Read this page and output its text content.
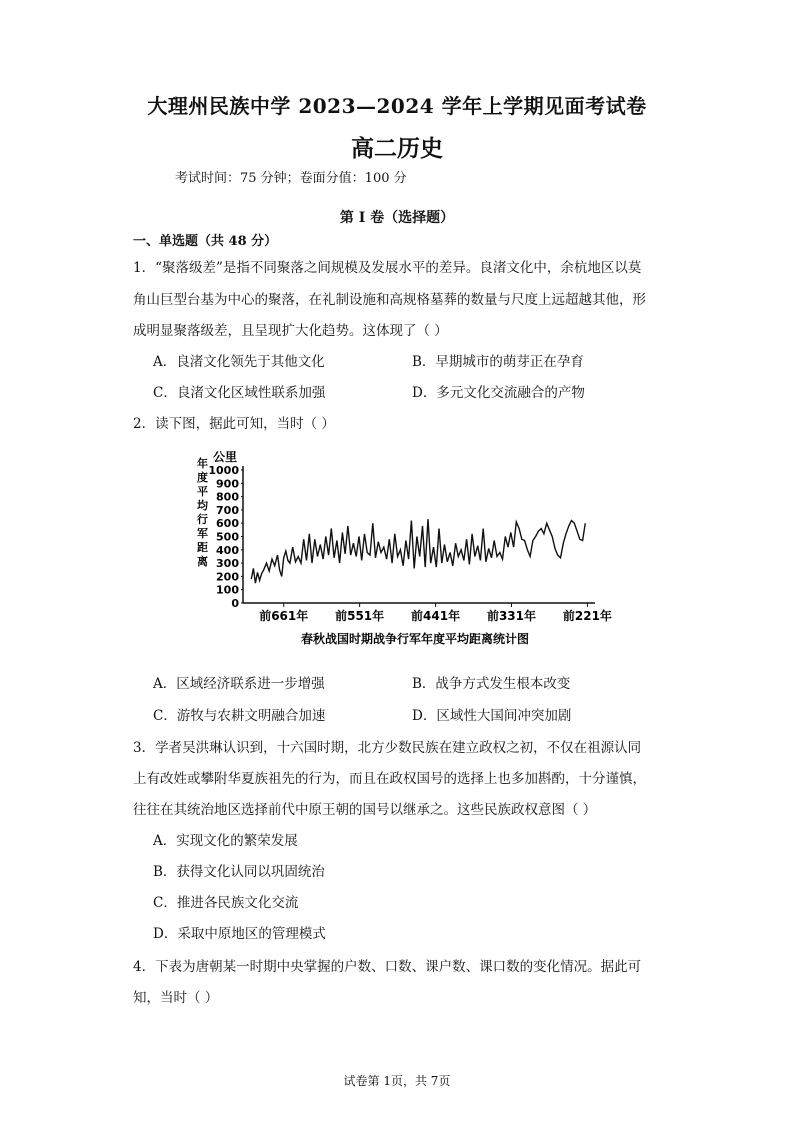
大理州民族中学 2023—2024 学年上学期见面考试卷
高二历史
考试时间：75 分钟；卷面分值：100 分
第 I 卷（选择题）
一、单选题（共 48 分）
1．“聚落级差”是指不同聚落之间规模及发展水平的差异。良渚文化中，余杭地区以莫
角山巨型台基为中心的聚落，在礼制设施和高规格墓葬的数量与尺度上远超越其他，形
成明显聚落级差，且呈现扩大化趋势。这体现了（ ）
A．良渚文化领先于其他文化	B．早期城市的萌芽正在孕育
C．良渚文化区域性联系加强	D．多元文化交流融合的产物
2．读下图，据此可知，当时（ ）
公里
年度平均行军距离
0
100
200
300
400
500
600
700
800
900
1000
前661年 前551年 前441年 前331年 前221年
春秋战国时期战争行军年度平均距离统计图
A．区域经济联系进一步增强	B．战争方式发生根本改变
C．游牧与农耕文明融合加速	D．区域性大国间冲突加剧
3．学者吴洪琳认识到，十六国时期，北方少数民族在建立政权之初，不仅在祖源认同
上有改姓或攀附华夏族祖先的行为，而且在政权国号的选择上也多加斟酌，十分谨慎，
往往在其统治地区选择前代中原王朝的国号以继承之。这些民族政权意图（ ）
A．实现文化的繁荣发展
B．获得文化认同以巩固统治
C．推进各民族文化交流
D．采取中原地区的管理模式
4．下表为唐朝某一时期中央掌握的户数、口数、课户数、课口数的变化情况。据此可
知，当时（ ）
试卷第 1页，共 7页
